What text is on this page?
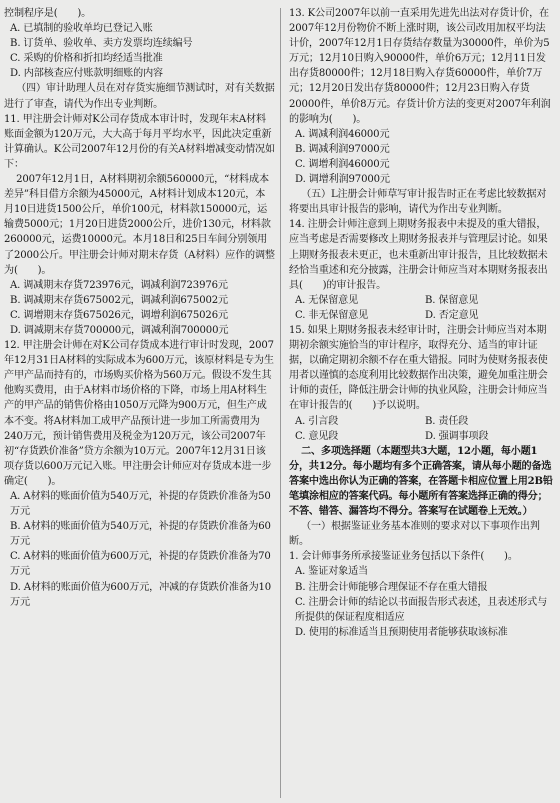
控制程序是(　　)。

A. 已填制的验收单均已登记入账

B. 订货单、验收单、卖方发票均连续编号

C. 采购的价格和折扣均经适当批准

D. 内部核查应付账款明细账的内容

（四）审计助理人员在对存货实施细节测试时，对有关数据进行了审查，请代为作出专业判断。

11. 甲注册会计师对K公司存货成本审计时，发现年末A材料账面金额为120万元，大大高于每月平均水平，因此决定重新计算确认。K公司2007年12月份的有关A材料增减变动情况如下：

2007年12月1日，A材料期初余额560000元，“材料成本差异”科目借方余额为45000元，A材料计划成本120元，本月10日进货1500公斤，单价100元，材料款150000元，运输费5000元；1月20日进货2000公斤，进价130元，材料款260000元，运费10000元。本月18日和25日车间分别领用了2000公斤。甲注册会计师对期末存货（A材料）应作的调整为(　　)。

A. 调减期末存货723976元，调减利润723976元

B. 调减期末存货675002元，调减利润675002元

C. 调增期末存货675026元，调增利润675026元

D. 调减期末存货700000元，调减利润700000元

12. 甲注册会计师在对K公司存货成本进行审计时发现，2007年12月31日A材料的实际成本为600万元，该原材料是专为生产甲产品而持有的，市场购买价格为560万元。假设不发生其他购买费用，由于A材料市场价格的下降，市场上用A材料生产的甲产品的销售价格由1050万元降为900万元，但生产成本不变。将A材料加工成甲产品预计进一步加工所需费用为240万元，预计销售费用及税金为120万元，该公司2007年初“存货跌价准备”贷方余额为10万元。2007年12月31日该项存货以600万元记入账。甲注册会计师应对存货成本进一步确定(　　)。

A. A材料的账面价值为540万元，补提的存货跌价准备为50万元

B. A材料的账面价值为540万元，补提的存货跌价准备为60万元

C. A材料的账面价值为600万元，补提的存货跌价准备为70万元

D. A材料的账面价值为600万元，冲减的存货跌价准备为10万元

13. K公司2007年以前一直采用先进先出法对存货计价，在2007年12月份物价不断上涨时期，该公司改用加权平均法计价，2007年12月1日存货结存数量为30000件，单价为5万元；12月10日购入90000件，单价6万元；12月11日发出存货80000件；12月18日购入存货60000件，单价7万元；12月20日发出存货80000件；12月23日购入存货20000件，单价8万元。存货计价方法的变更对2007年利润的影响为(　　)。

A. 调减利润46000元

B. 调减利润97000元

C. 调增利润46000元

D. 调增利润97000元

（五）L注册会计师草写审计报告时正在考虑比较数据对将要出具审计报告的影响，请代为作出专业判断。

14. 注册会计师注意到上期财务报表中未提及的重大错报，应当考虑是否需要修改上期财务报表并与管理层讨论。如果上期财务报表未更正，也未重新出审计报告，且比较数据未经恰当重述和充分披露，注册会计师应当对本期财务报表出具(　　)的审计报告。

A. 无保留意见	B. 保留意见
C. 非无保留意见	D. 否定意见

15. 如果上期财务报表未经审计时，注册会计师应当对本期期初余额实施恰当的审计程序，取得充分、适当的审计证据，以确定期初余额不存在重大错报。同时为使财务报表使用者以谨慎的态度利用比较数据作出决策，避免加重注册会计师的责任，降低注册会计师的执业风险，注册会计师应当在审计报告的(　　)予以说明。

A. 引言段	B. 责任段
C. 意见段	D. 强调事项段

二、多项选择题（本题型共3大题，12小题，每小题1分，共12分。每小题均有多个正确答案，请从每小题的备选答案中选出你认为正确的答案，在答题卡相应位置上用2B铅笔填涂相应的答案代码。每小题所有答案选择正确的得分；不答、错答、漏答均不得分。答案写在试题卷上无效。）

（一）根据鉴证业务基本准则的要求对以下事项作出判断。

1. 会计师事务所承接鉴证业务包括以下条件(　　)。

A. 鉴证对象适当

B. 注册会计师能够合理保证不存在重大错报

C. 注册会计师的结论以书面报告形式表述，且表述形式与所提供的保证程度相适应

D. 使用的标准适当且预期使用者能够获取该标准
